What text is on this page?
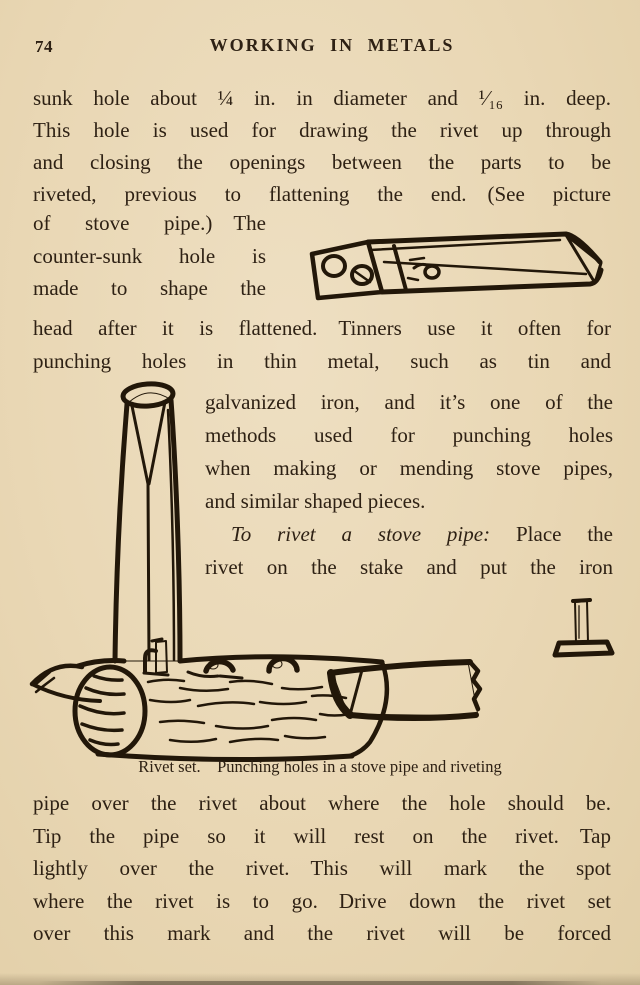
74	WORKING IN METALS
sunk hole about ¼ in. in diameter and ¹⁄₁₆ in. deep.
This hole is used for drawing the rivet up through
and closing the openings between the parts to be
riveted, previous to flattening the end. (See picture
of stove pipe.) The
counter-sunk hole is
made to shape the
head after it is flattened. Tinners use it often for
punching holes in thin metal, such as tin and
galvanized iron, and it’s one of the
methods used for punching holes
when making or mending stove pipes,
and similar shaped pieces.
To rivet a stove pipe: Place the
rivet on the stake and put the iron
Rivet set. Punching holes in a stove pipe and riveting
pipe over the rivet about where the hole should be.
Tip the pipe so it will rest on the rivet. Tap
lightly over the rivet. This will mark the spot
where the rivet is to go. Drive down the rivet set
over this mark and the rivet will be forced
